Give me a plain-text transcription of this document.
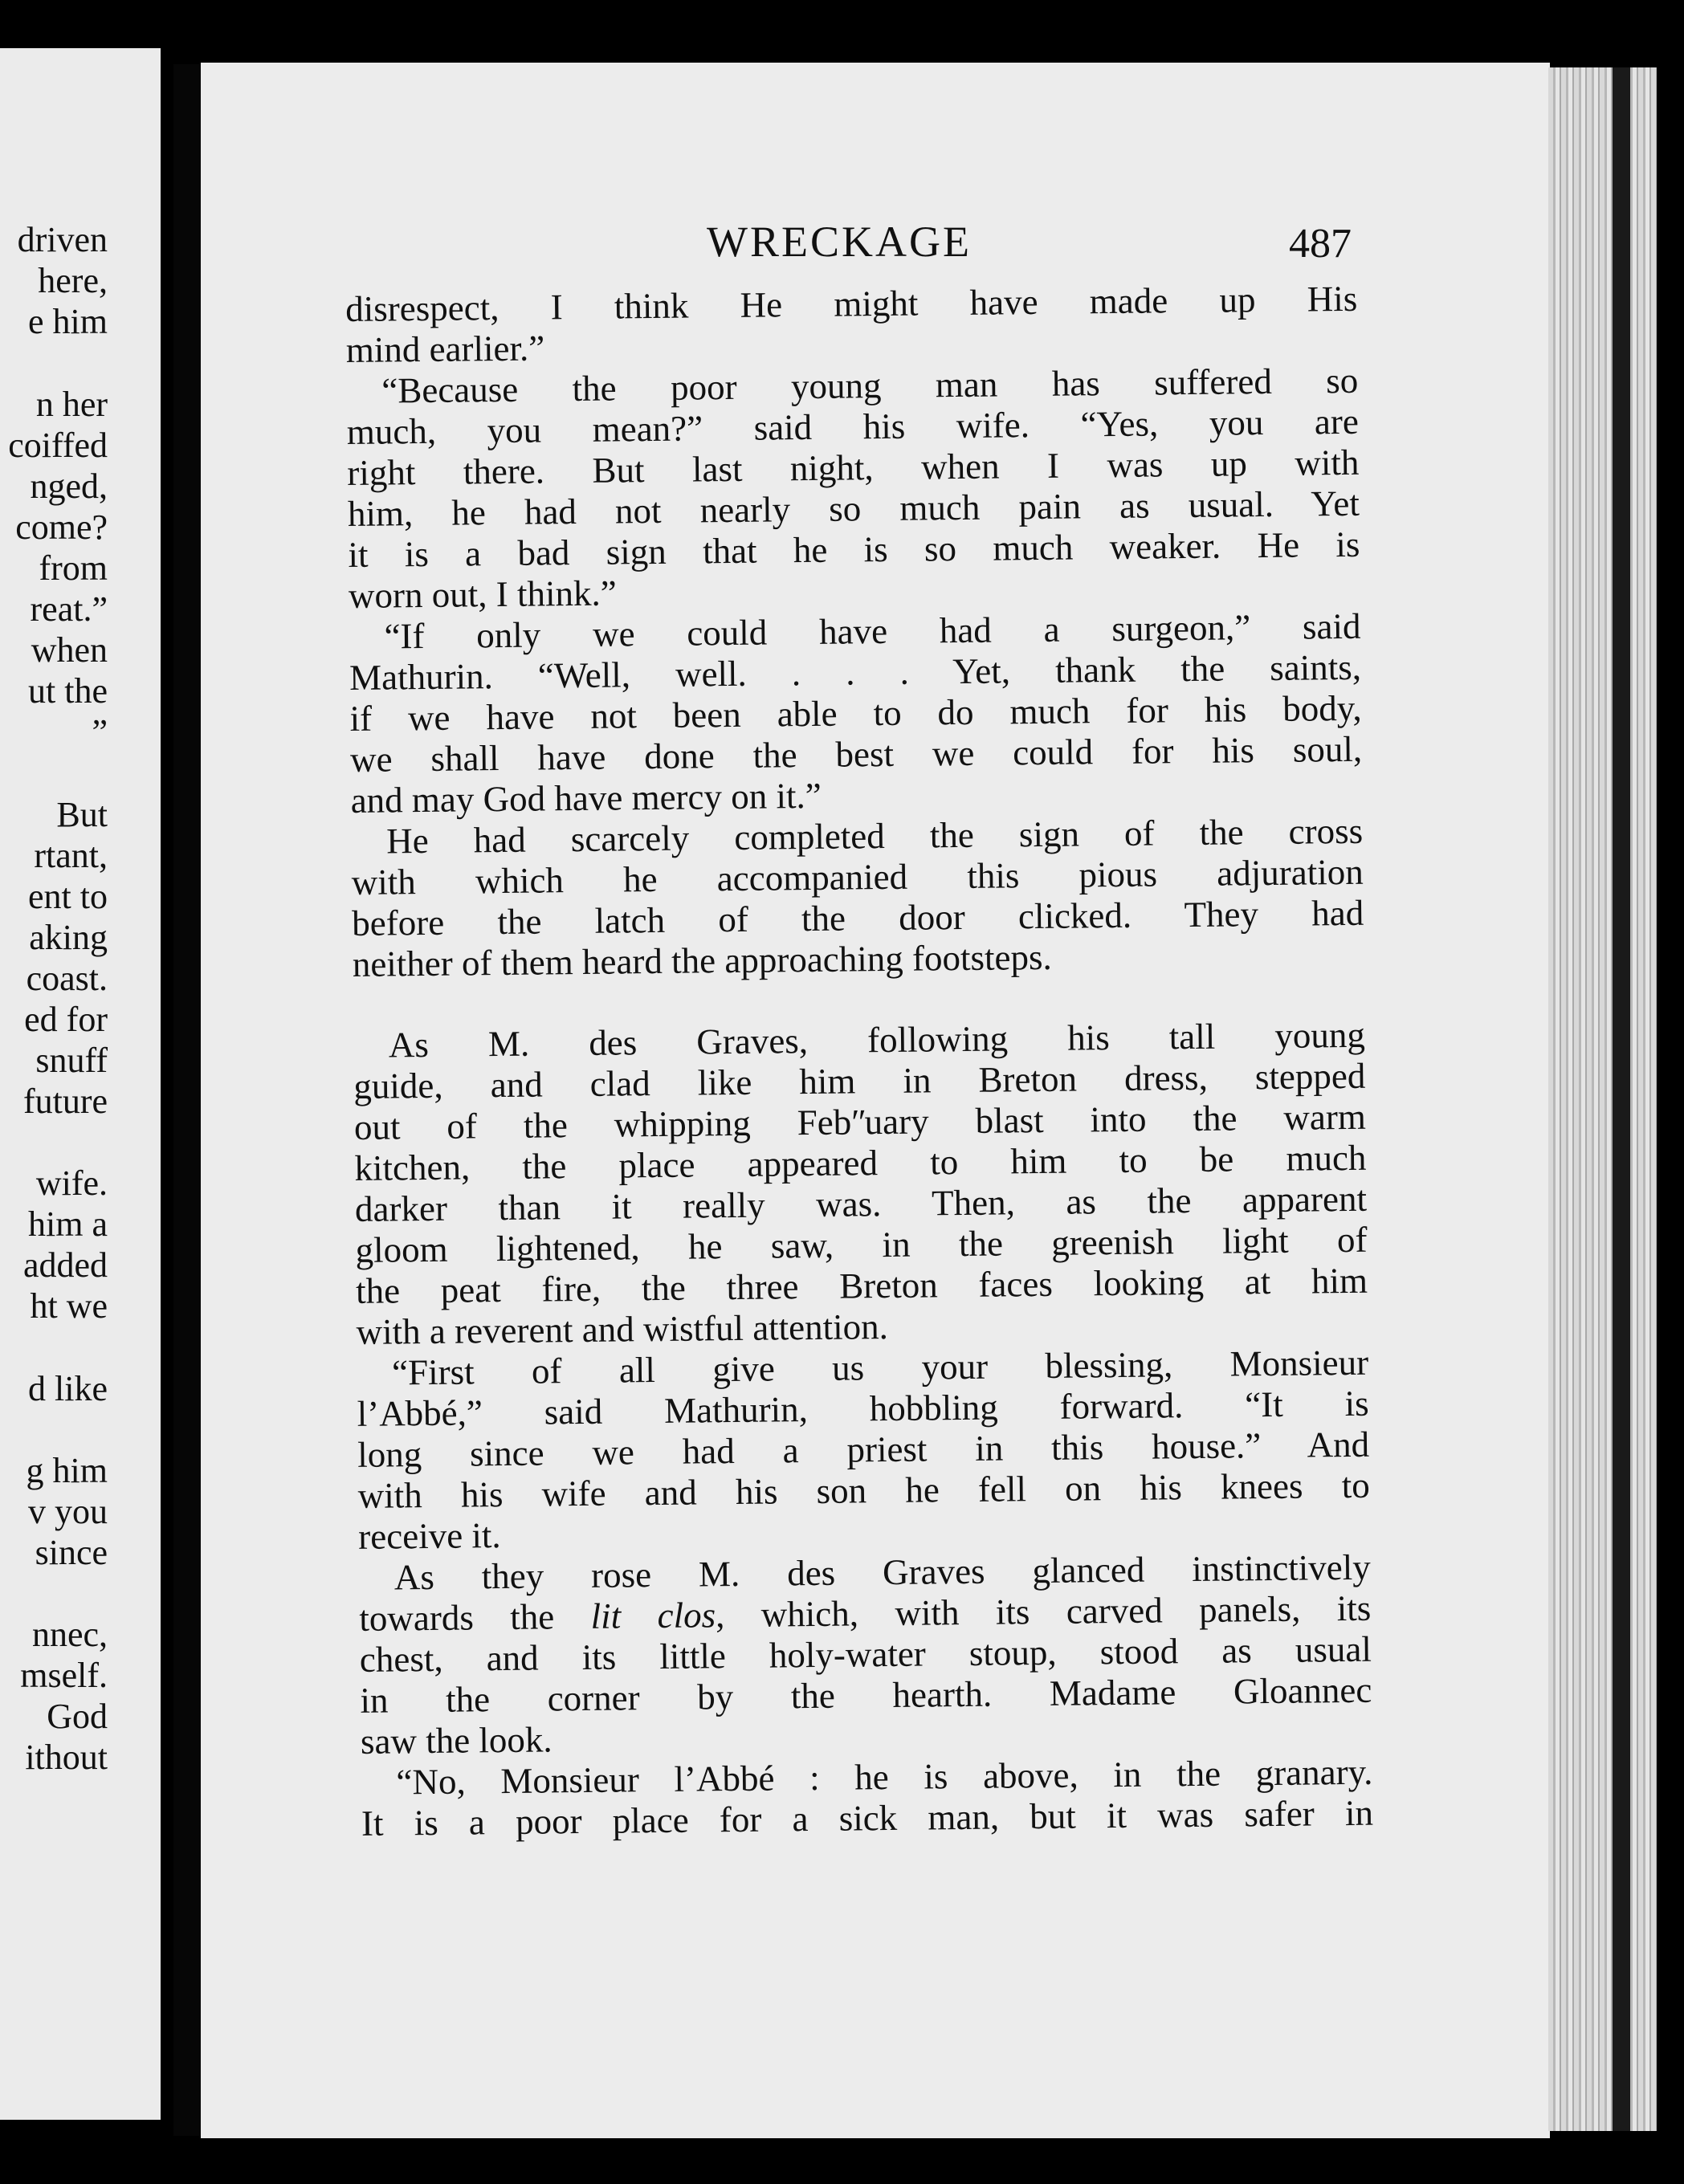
driven
here,
e him
n her
coiffed
nged,
come?
from
reat.”
when
ut the
”
But
rtant,
ent to
aking
coast.
ed for
snuff
future
wife.
him a
added
ht we
d like
g him
v you
since
nnec,
mself.
God
ithout
WRECKAGE	487

disrespect, I think He might have made up His

mind earlier.”

“Because the poor young man has suffered so

much, you mean?” said his wife. “Yes, you are

right there. But last night, when I was up with

him, he had not nearly so much pain as usual. Yet

it is a bad sign that he is so much weaker. He is

worn out, I think.”

“If only we could have had a surgeon,” said

Mathurin. “Well, well. . . . Yet, thank the saints,

if we have not been able to do much for his body,

we shall have done the best we could for his soul,

and may God have mercy on it.”

He had scarcely completed the sign of the cross

with which he accompanied this pious adjuration

before the latch of the door clicked. They had

neither of them heard the approaching footsteps.

As M. des Graves, following his tall young

guide, and clad like him in Breton dress, stepped

out of the whipping Febʺuary blast into the warm

kitchen, the place appeared to him to be much

darker than it really was. Then, as the apparent

gloom lightened, he saw, in the greenish light of

the peat fire, the three Breton faces looking at him

with a reverent and wistful attention.

“First of all give us your blessing, Monsieur

l’Abbé,” said Mathurin, hobbling forward. “It is

long since we had a priest in this house.” And

with his wife and his son he fell on his knees to

receive it.

As they rose M. des Graves glanced instinctively

towards the lit clos, which, with its carved panels, its

chest, and its little holy-water stoup, stood as usual

in the corner by the hearth. Madame Gloannec

saw the look.

“No, Monsieur l’Abbé : he is above, in the granary.

It is a poor place for a sick man, but it was safer in
